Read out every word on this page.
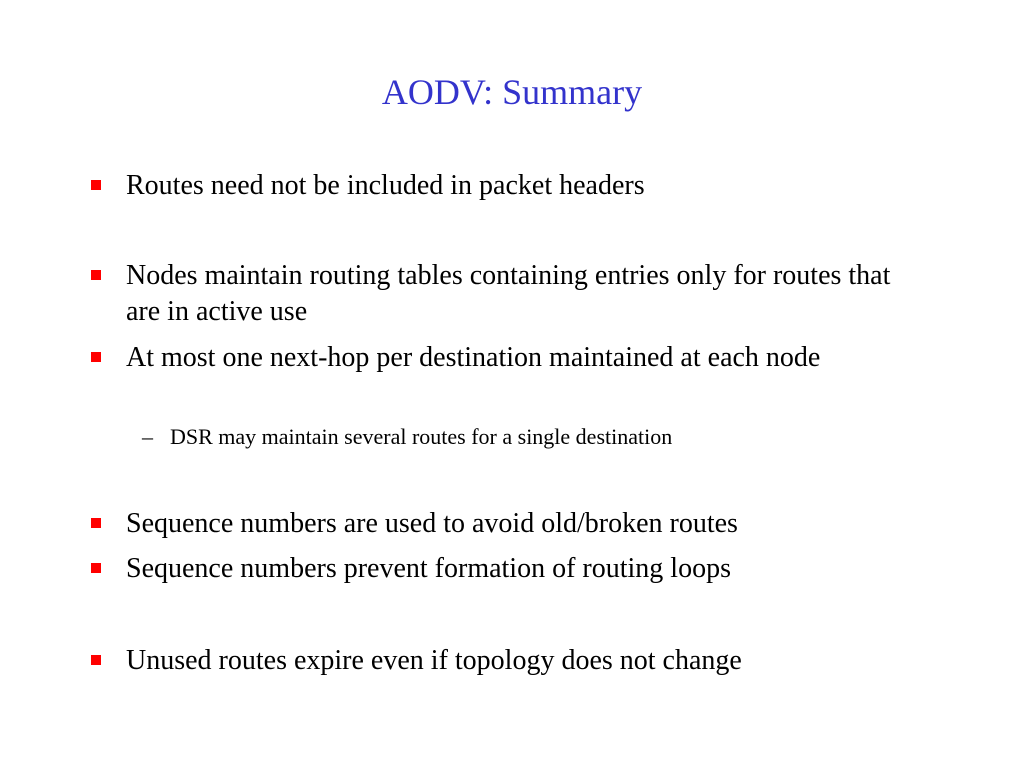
AODV: Summary
Routes need not be included in packet headers
Nodes maintain routing tables containing entries only for routes that are in active use
At most one next-hop per destination maintained at each node
– DSR may maintain several routes for a single destination
Sequence numbers are used to avoid old/broken routes
Sequence numbers prevent formation of routing loops
Unused routes expire even if topology does not change
